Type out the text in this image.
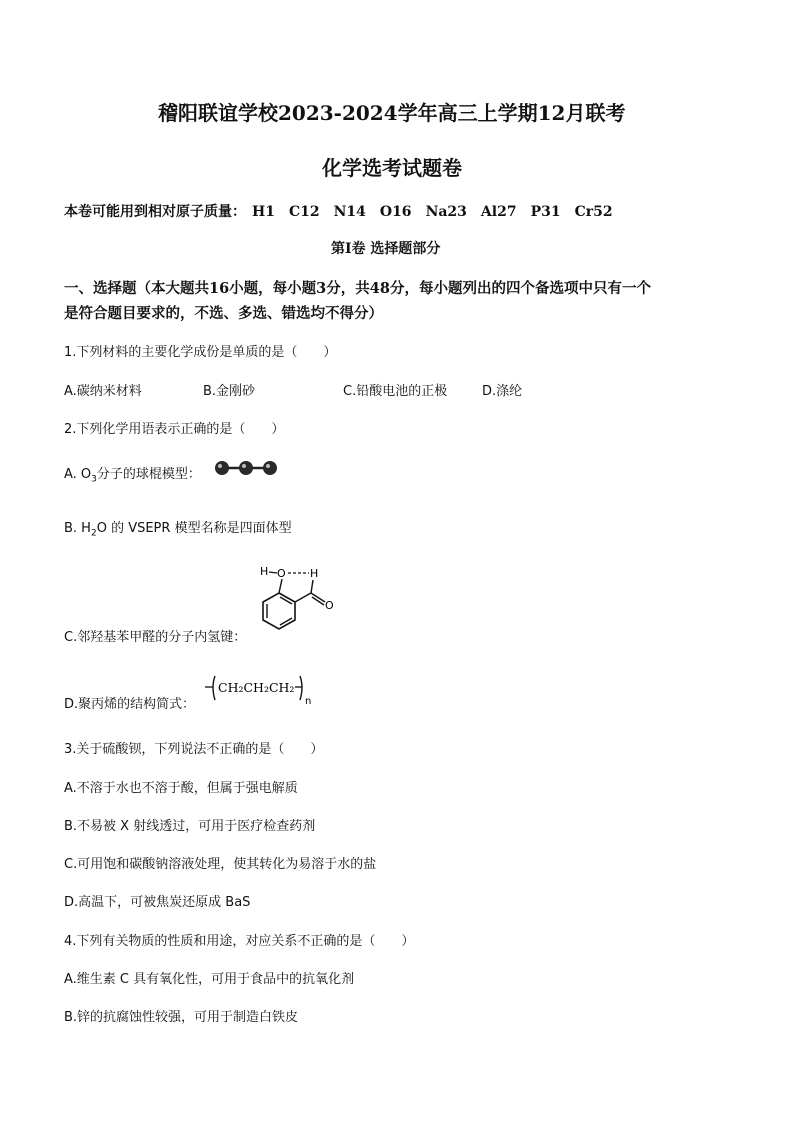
稽阳联谊学校2023-2024学年高三上学期12月联考
化学选考试题卷
本卷可能用到相对原子质量： H1 C12 N14 O16 Na23 Al27 P31 Cr52
第Ⅰ卷 选择题部分
一、选择题（本大题共16小题，每小题3分，共48分，每小题列出的四个备选项中只有一个
是符合题目要求的，不选、多选、错选均不得分）
1.下列材料的主要化学成份是单质的是（　　）
A.碳纳米材料	B.金刚砂	C.铅酸电池的正极	D.涤纶
2.下列化学用语表示正确的是（　　）
A. $O_3$分子的球棍模型：
B. $H_2O$ 的 VSEPR 模型名称是四面体型
C.邻羟基苯甲醛的分子内氢键：
H O H
O
D.聚丙烯的结构简式：
CH₂CH₂CH₂
n
3.关于硫酸钡，下列说法不正确的是（　　）
A.不溶于水也不溶于酸，但属于强电解质
B.不易被 X 射线透过，可用于医疗检查药剂
C.可用饱和碳酸钠溶液处理，使其转化为易溶于水的盐
D.高温下，可被焦炭还原成 BaS
4.下列有关物质的性质和用途，对应关系不正确的是（　　）
A.维生素 C 具有氧化性，可用于食品中的抗氧化剂
B.锌的抗腐蚀性较强，可用于制造白铁皮
